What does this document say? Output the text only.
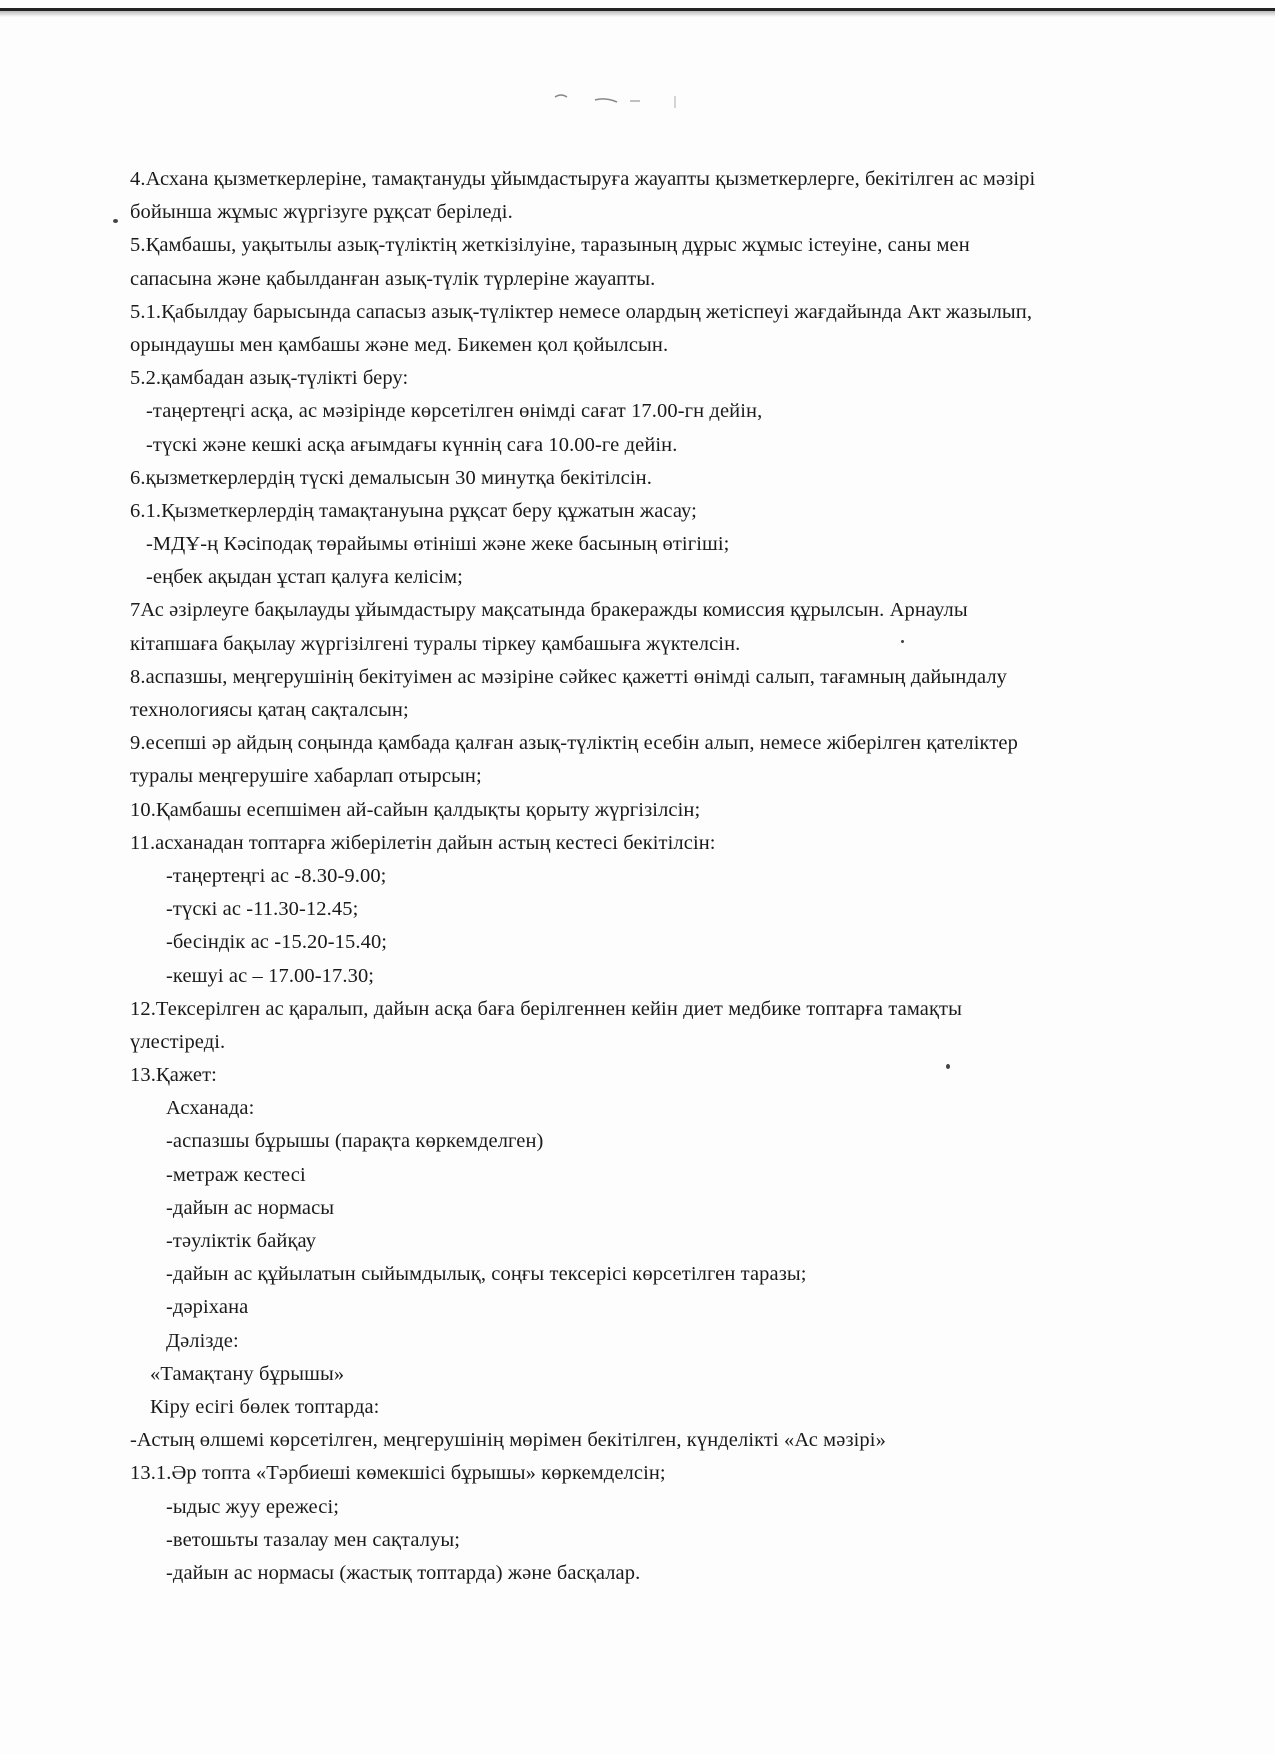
4.Асхана қызметкерлеріне, тамақтануды ұйымдастыруға жауапты қызметкерлерге, бекітілген ас мәзірі
бойынша жұмыс жүргізуге рұқсат беріледі.
5.Қамбашы, уақытылы азық-түліктің жеткізілуіне, таразының дұрыс жұмыс істеуіне, саны мен
сапасына және қабылданған азық-түлік түрлеріне жауапты.
5.1.Қабылдау барысында сапасыз азық-түліктер немесе олардың жетіспеуі жағдайында Акт жазылып,
орындаушы мен қамбашы және мед. Бикемен қол қойылсын.
5.2.қамбадан азық-түлікті беру:
-таңертеңгі асқа, ас мәзірінде көрсетілген өнімді сағат 17.00-гн дейін,
-түскі және кешкі асқа ағымдағы күннің саға 10.00-ге дейін.
6.қызметкерлердің түскі демалысын 30 минутқа бекітілсін.
6.1.Қызметкерлердің тамақтануына рұқсат беру құжатын жасау;
-МДҰ-ң Кәсіподақ төрайымы өтініші және жеке басының өтігіші;
-еңбек ақыдан ұстап қалуға келісім;
7Ас әзірлеуге бақылауды ұйымдастыру мақсатында бракеражды комиссия құрылсын. Арнаулы
кітапшаға бақылау жүргізілгені туралы тіркеу қамбашыға жүктелсін.
8.аспазшы, меңгерушінің бекітуімен ас мәзіріне сәйкес қажетті өнімді салып, тағамның дайындалу
технологиясы қатаң сақталсын;
9.есепші әр айдың соңында қамбада қалған азық-түліктің есебін алып, немесе жіберілген қателіктер
туралы меңгерушіге хабарлап отырсын;
10.Қамбашы есепшімен ай-сайын қалдықты қорыту жүргізілсін;
11.асханадан топтарға жіберілетін дайын астың кестесі бекітілсін:
-таңертеңгі ас -8.30-9.00;
-түскі ас -11.30-12.45;
-бесіндік ас -15.20-15.40;
-кешуі ас – 17.00-17.30;
12.Тексерілген ас қаралып, дайын асқа баға берілгеннен кейін диет медбике топтарға тамақты
үлестіреді.
13.Қажет:
Асханада:
-аспазшы бұрышы (парақта көркемделген)
-метраж кестесі
-дайын ас нормасы
-тәуліктік байқау
-дайын ас құйылатын сыйымдылық, соңғы тексерісі көрсетілген таразы;
-дәріхана
Дәлізде:
«Тамақтану бұрышы»
Кіру есігі бөлек топтарда:
-Астың өлшемі көрсетілген, меңгерушінің мөрімен бекітілген, күнделікті «Ас мәзірі»
13.1.Әр топта «Тәрбиеші көмекшісі бұрышы» көркемделсін;
-ыдыс жуу ережесі;
-ветошьты тазалау мен сақталуы;
-дайын ас нормасы (жастық топтарда) және басқалар.
